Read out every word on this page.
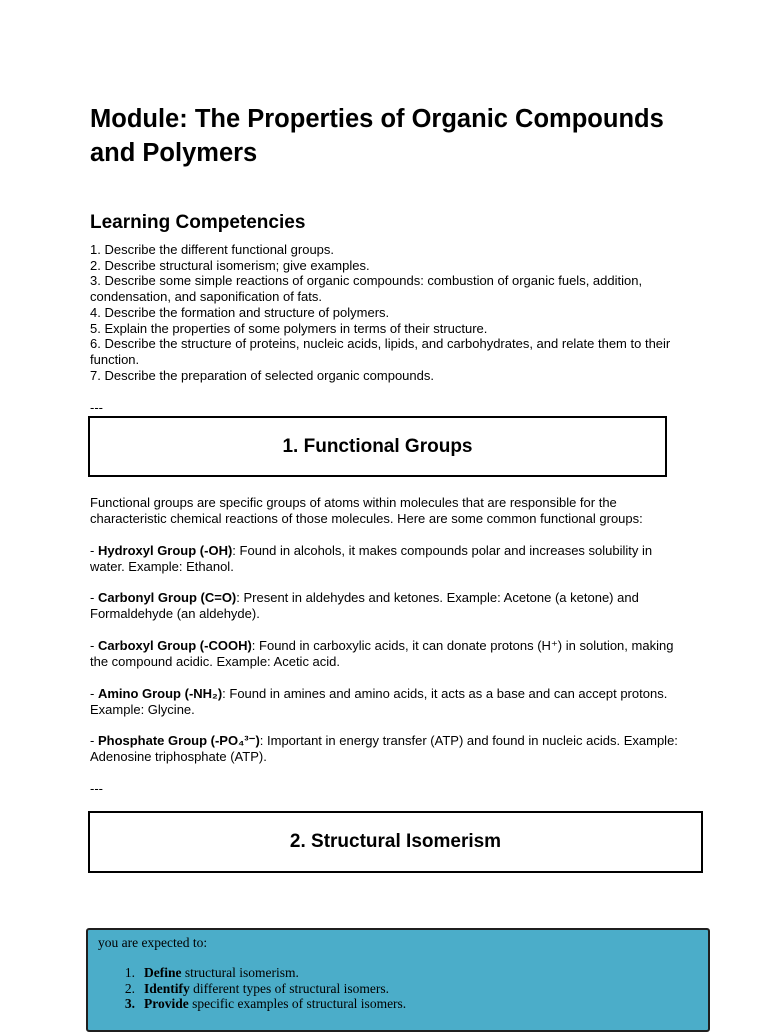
Module: The Properties of Organic Compounds and Polymers
Learning Competencies
1. Describe the different functional groups.
2. Describe structural isomerism; give examples.
3. Describe some simple reactions of organic compounds: combustion of organic fuels, addition, condensation, and saponification of fats.
4. Describe the formation and structure of polymers.
5. Explain the properties of some polymers in terms of their structure.
6. Describe the structure of proteins, nucleic acids, lipids, and carbohydrates, and relate them to their function.
7. Describe the preparation of selected organic compounds.
---
1. Functional Groups
Functional groups are specific groups of atoms within molecules that are responsible for the characteristic chemical reactions of those molecules. Here are some common functional groups:
- Hydroxyl Group (-OH): Found in alcohols, it makes compounds polar and increases solubility in water. Example: Ethanol.
- Carbonyl Group (C=O): Present in aldehydes and ketones. Example: Acetone (a ketone) and Formaldehyde (an aldehyde).
- Carboxyl Group (-COOH): Found in carboxylic acids, it can donate protons (H⁺) in solution, making the compound acidic. Example: Acetic acid.
- Amino Group (-NH₂): Found in amines and amino acids, it acts as a base and can accept protons. Example: Glycine.
- Phosphate Group (-PO₄³⁻): Important in energy transfer (ATP) and found in nucleic acids. Example: Adenosine triphosphate (ATP).
---
2. Structural Isomerism
you are expected to:
1. Define structural isomerism.
2. Identify different types of structural isomers.
3. Provide specific examples of structural isomers.
